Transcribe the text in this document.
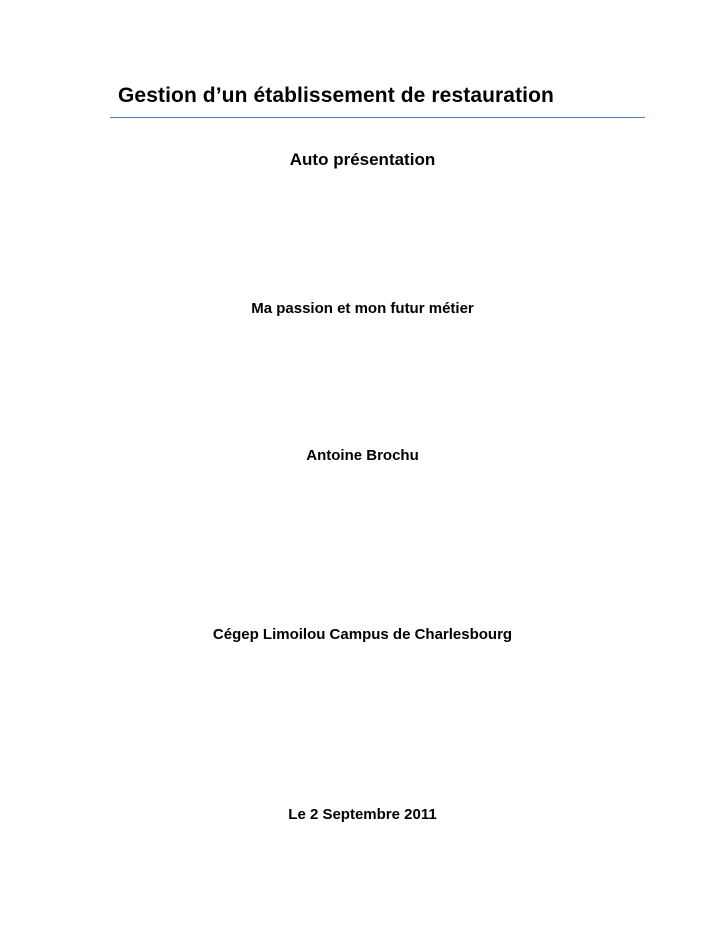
Gestion d’un établissement de restauration
Auto présentation
Ma passion et mon futur métier
Antoine Brochu
Cégep Limoilou Campus de Charlesbourg
Le 2 Septembre 2011
